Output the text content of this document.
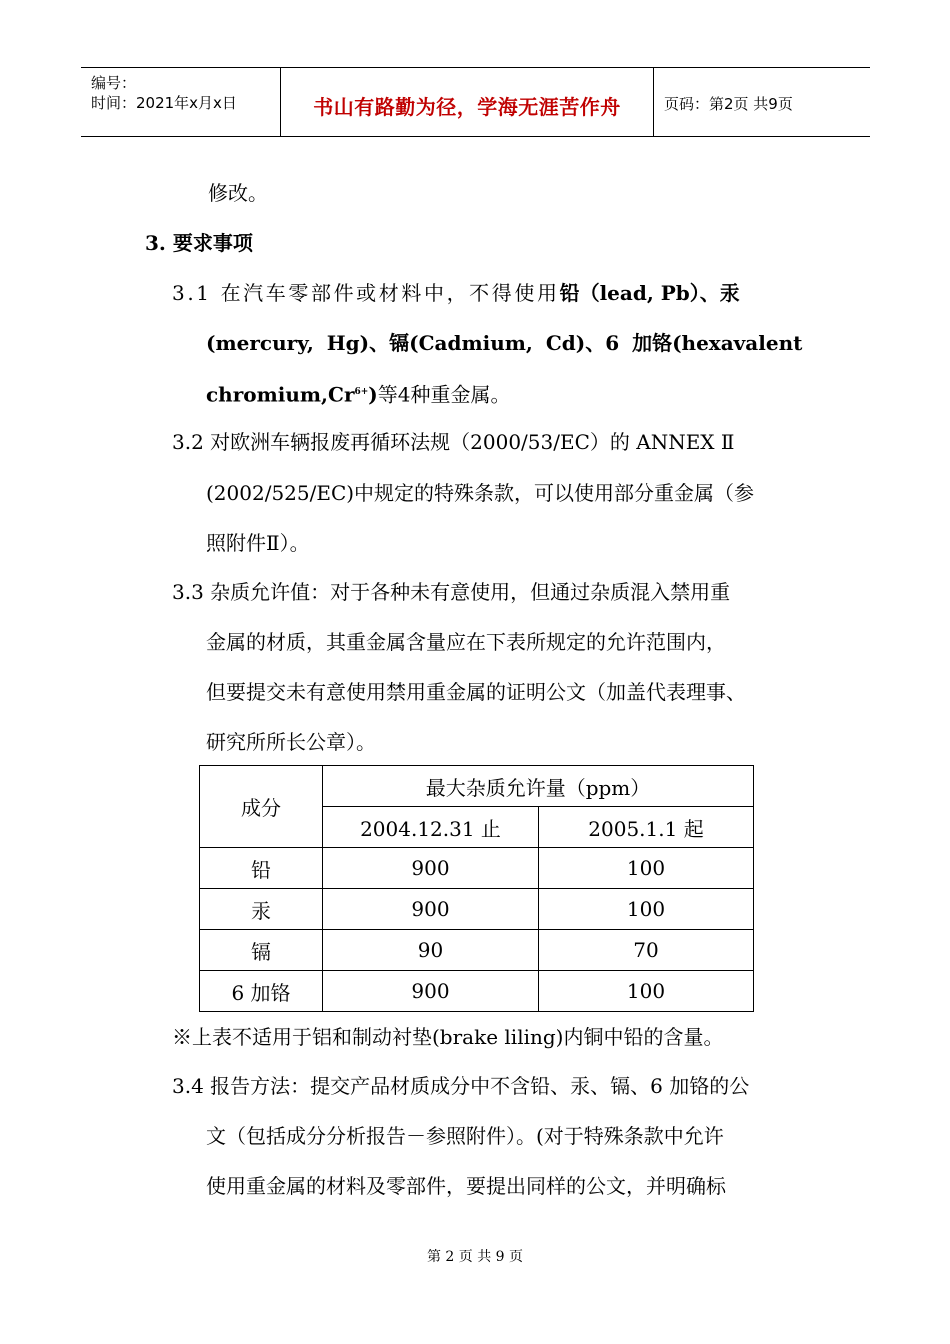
编号：
时间：2021年x月x日	书山有路勤为径，学海无涯苦作舟	页码：第2页 共9页
修改。
3. 要求事项
3.1 在汽车零部件或材料中，不得使用铅（lead, Pb）、汞
(mercury, Hg)、镉(Cadmium, Cd)、6 加铬(hexavalent
$chromium,Cr^{6+}$)等4种重金属。
3.2 对欧洲车辆报废再循环法规（2000/53/EC）的 ANNEX Ⅱ
(2002/525/EC)中规定的特殊条款，可以使用部分重金属（参
照附件Ⅱ）。
3.3 杂质允许值：对于各种未有意使用，但通过杂质混入禁用重
金属的材质，其重金属含量应在下表所规定的允许范围内，
但要提交未有意使用禁用重金属的证明公文（加盖代表理事、
研究所所长公章）。
成分	最大杂质允许量（ppm）	
	2004.12.31 止	2005.1.1 起
铅	900	100
汞	900	100
镉	90	70
6 加铬	900	100
※上表不适用于铝和制动衬垫(brake liling)内铜中铅的含量。
3.4 报告方法：提交产品材质成分中不含铅、汞、镉、6 加铬的公
文（包括成分分析报告－参照附件）。(对于特殊条款中允许
使用重金属的材料及零部件，要提出同样的公文，并明确标
第 2 页 共 9 页
